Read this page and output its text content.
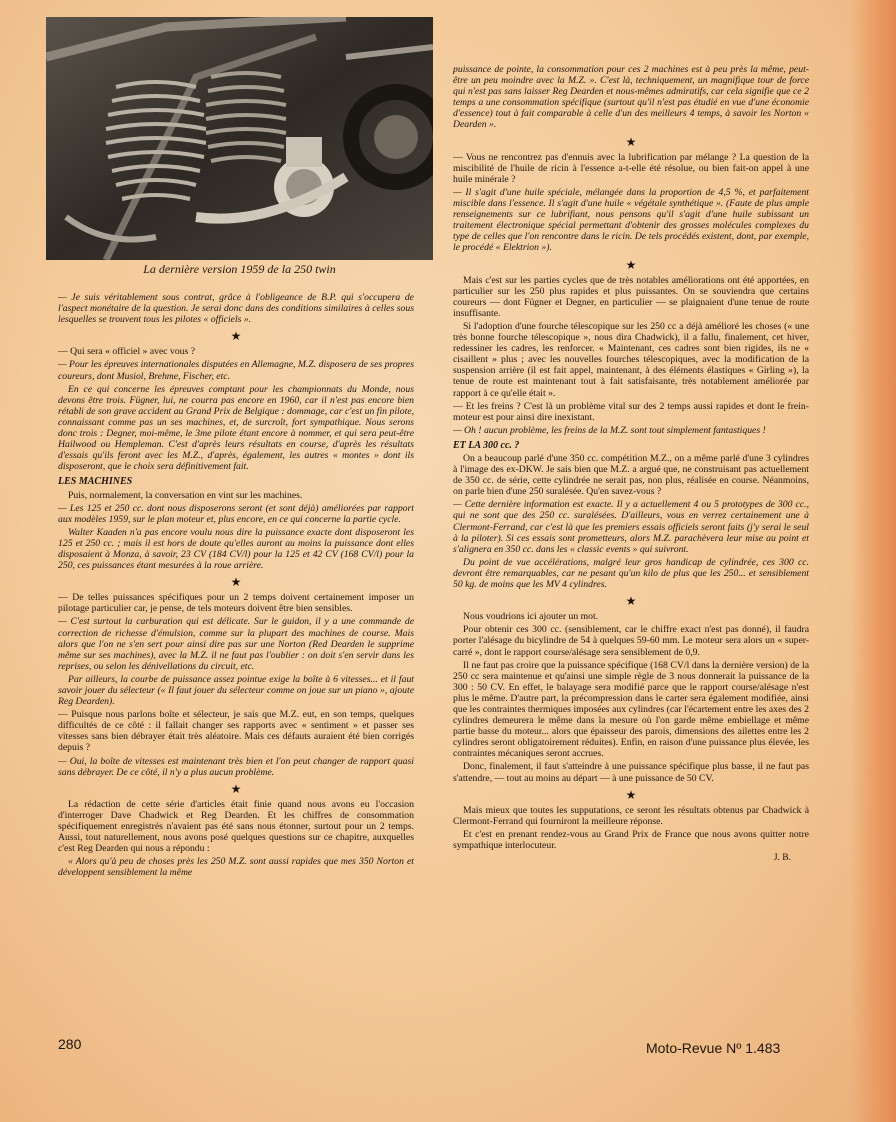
La dernière version 1959 de la 250 twin

— Je suis véritablement sous contrat, grâce à l'obligeance de B.P. qui s'occupera de l'aspect monétaire de la question. Je serai donc dans des conditions similaires à celles sous lesquelles se trouvent tous les pilotes « officiels ».

★

— Qui sera « officiel » avec vous ?

— Pour les épreuves internationales disputées en Allemagne, M.Z. disposera de ses propres coureurs, dont Musiol, Brehme, Fischer, etc.

En ce qui concerne les épreuves comptant pour les championnats du Monde, nous devons être trois. Fügner, lui, ne courra pas encore en 1960, car il n'est pas encore bien rétabli de son grave accident au Grand Prix de Belgique : dommage, car c'est un fin pilote, connaissant comme pas un ses machines, et, de surcroît, fort sympathique. Nous serons donc trois : Degner, moi-même, le 3me pilote étant encore à nommer, et qui sera peut-être Hailwood ou Hempleman. C'est d'après leurs résultats en course, d'après les résultats d'essais qu'ils feront avec les M.Z., d'après, également, les autres « montes » dont ils disposeront, que le choix sera définitivement fait.

LES MACHINES

Puis, normalement, la conversation en vint sur les machines.

— Les 125 et 250 cc. dont nous disposerons seront (et sont déjà) améliorées par rapport aux modèles 1959, sur le plan moteur et, plus encore, en ce qui concerne la partie cycle.

Walter Kaaden n'a pas encore voulu nous dire la puissance exacte dont disposeront les 125 et 250 cc. ; mais il est hors de doute qu'elles auront au moins la puissance dont elles disposaient à Monza, à savoir, 23 CV (184 CV/l) pour la 125 et 42 CV (168 CV/l) pour la 250, ces puissances étant mesurées à la roue arrière.

★

— De telles puissances spécifiques pour un 2 temps doivent certainement imposer un pilotage particulier car, je pense, de tels moteurs doivent être bien sensibles.

— C'est surtout la carburation qui est délicate. Sur le guidon, il y a une commande de correction de richesse d'émulsion, comme sur la plupart des machines de course. Mais alors que l'on ne s'en sert pour ainsi dire pas sur une Norton (Red Dearden le supprime même sur ses machines), avec la M.Z. il ne faut pas l'oublier : on doit s'en servir dans les reprises, ou selon les dénivellations du circuit, etc.

Par ailleurs, la courbe de puissance assez pointue exige la boîte à 6 vitesses... et il faut savoir jouer du sélecteur (« Il faut jouer du sélecteur comme on joue sur un piano », ajoute Reg Dearden).

— Puisque nous parlons boîte et sélecteur, je sais que M.Z. eut, en son temps, quelques difficultés de ce côté : il fallait changer ses rapports avec « sentiment » et passer ses vitesses sans bien débrayer était très aléatoire. Mais ces défauts auraient été bien corrigés depuis ?

— Oui, la boîte de vitesses est maintenant très bien et l'on peut changer de rapport quasi sans débrayer. De ce côté, il n'y a plus aucun problème.

★

La rédaction de cette série d'articles était finie quand nous avons eu l'occasion d'interroger Dave Chadwick et Reg Dearden. Et les chiffres de consommation spécifiquement enregistrés n'avaient pas été sans nous étonner, surtout pour un 2 temps. Aussi, tout naturellement, nous avons posé quelques questions sur ce chapitre, auxquelles c'est Reg Dearden qui nous a répondu :

« Alors qu'à peu de choses près les 250 M.Z. sont aussi rapides que mes 350 Norton et développent sensiblement la même

puissance de pointe, la consommation pour ces 2 machines est à peu près la même, peut-être un peu moindre avec la M.Z. ». C'est là, techniquement, un magnifique tour de force qui n'est pas sans laisser Reg Dearden et nous-mêmes admiratifs, car cela signifie que ce 2 temps a une consommation spécifique (surtout qu'il n'est pas étudié en vue d'une économie d'essence) tout à fait comparable à celle d'un des meilleurs 4 temps, à savoir les Norton « Dearden ».

★

— Vous ne rencontrez pas d'ennuis avec la lubrification par mélange ? La question de la miscibilité de l'huile de ricin à l'essence a-t-elle été résolue, ou bien fait-on appel à une huile minérale ?

— Il s'agit d'une huile spéciale, mélangée dans la proportion de 4,5 %, et parfaitement miscible dans l'essence. Il s'agit d'une huile « végétale synthétique ». (Faute de plus ample renseignements sur ce lubrifiant, nous pensons qu'il s'agit d'une huile subissant un traitement électronique spécial permettant d'obtenir des grosses molécules complexes du type de celles que l'on rencontre dans le ricin. De tels procédés existent, dont, par exemple, le procédé « Elektrion »).

★

Mais c'est sur les parties cycles que de très notables améliorations ont été apportées, en particulier sur les 250 plus rapides et plus puissantes. On se souviendra que certains coureurs — dont Fügner et Degner, en particulier — se plaignaient d'une tenue de route insuffisante.

Si l'adoption d'une fourche télescopique sur les 250 cc a déjà amélioré les choses (« une très bonne fourche télescopique », nous dira Chadwick), il a fallu, finalement, cet hiver, redessiner les cadres, les renforcer. « Maintenant, ces cadres sont bien rigides, ils ne « cisaillent » plus ; avec les nouvelles fourches télescopiques, avec la modification de la suspension arrière (il est fait appel, maintenant, à des éléments élastiques « Girling »), la tenue de route est maintenant tout à fait satisfaisante, très notablement améliorée par rapport à ce qu'elle était ».

— Et les freins ? C'est là un problème vital sur des 2 temps aussi rapides et dont le frein-moteur est pour ainsi dire inexistant.

— Oh ! aucun problème, les freins de la M.Z. sont tout simplement fantastiques !

ET LA 300 cc. ?

On a beaucoup parlé d'une 350 cc. compétition M.Z., on a même parlé d'une 3 cylindres à l'image des ex-DKW. Je sais bien que M.Z. a argué que, ne construisant pas actuellement de 350 cc. de série, cette cylindrée ne serait pas, non plus, réalisée en course. Néanmoins, on parle bien d'une 250 suralésée. Qu'en savez-vous ?

— Cette dernière information est exacte. Il y a actuellement 4 ou 5 prototypes de 300 cc., qui ne sont que des 250 cc. suralésées. D'ailleurs, vous en verrez certainement une à Clermont-Ferrand, car c'est là que les premiers essais officiels seront faits (j'y serai le seul à la piloter). Si ces essais sont prometteurs, alors M.Z. parachèvera leur mise au point et s'alignera en 350 cc. dans les « classic events » qui suivront.

Du point de vue accélérations, malgré leur gros handicap de cylindrée, ces 300 cc. devront être remarquables, car ne pesant qu'un kilo de plus que les 250... et sensiblement 50 kg. de moins que les MV 4 cylindres.

★

Nous voudrions ici ajouter un mot.

Pour obtenir ces 300 cc. (sensiblement, car le chiffre exact n'est pas donné), il faudra porter l'alésage du bicylindre de 54 à quelques 59-60 mm. Le moteur sera alors un « super-carré », dont le rapport course/alésage sera sensiblement de 0,9.

Il ne faut pas croire que la puissance spécifique (168 CV/l dans la dernière version) de la 250 cc sera maintenue et qu'ainsi une simple règle de 3 nous donnerait la puissance de la 300 : 50 CV. En effet, le balayage sera modifié parce que le rapport course/alésage n'est plus le même. D'autre part, la précompression dans le carter sera également modifiée, ainsi que les contraintes thermiques imposées aux cylindres (car l'écartement entre les axes des 2 cylindres demeurera le même dans la mesure où l'on garde même embiellage et même partie basse du moteur... alors que épaisseur des parois, dimensions des ailettes entre les 2 cylindres seront obligatoirement réduites). Enfin, en raison d'une puissance plus élevée, les contraintes mécaniques seront accrues.

Donc, finalement, il faut s'atteindre à une puissance spécifique plus basse, il ne faut pas s'attendre, — tout au moins au départ — à une puissance de 50 CV.

★

Mais mieux que toutes les supputations, ce seront les résultats obtenus par Chadwick à Clermont-Ferrand qui fourniront la meilleure réponse.

Et c'est en prenant rendez-vous au Grand Prix de France que nous avons quitter notre sympathique interlocuteur.

J. B.
280	Moto-Revue Nº 1.483
